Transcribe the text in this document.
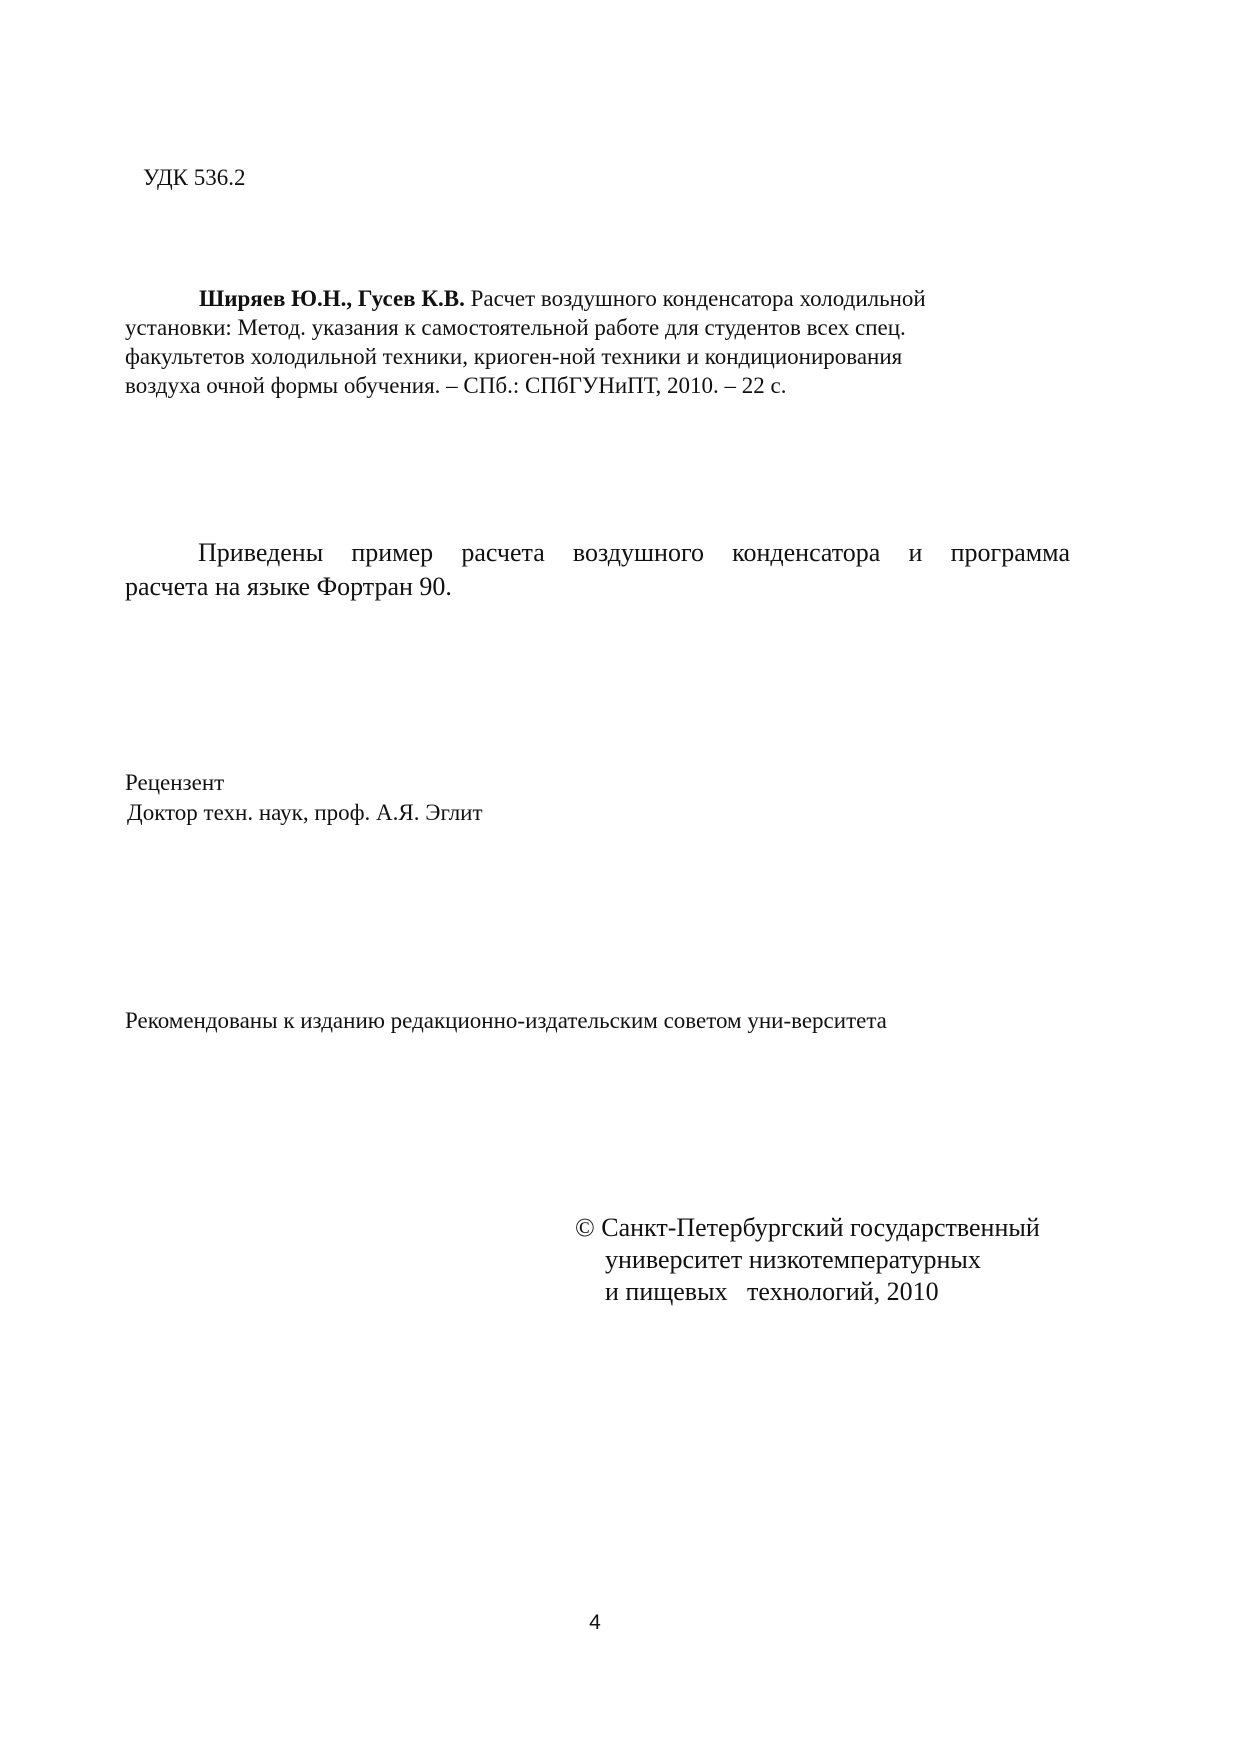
УДК 536.2
Ширяев Ю.Н., Гусев К.В. Расчет воздушного конденсатора холодильной
установки: Метод. указания к самостоятельной работе для студентов всех спец.
факультетов холодильной техники, криоген-ной техники и кондиционирования
воздуха очной формы обучения. – СПб.: СПбГУНиПТ, 2010. – 22 с.
Приведены пример расчета воздушного конденсатора и программа
расчета на языке Фортран 90.
Рецензент
Доктор техн. наук, проф. А.Я. Эглит
Рекомендованы к изданию редакционно-издательским советом уни-верситета
© Санкт-Петербургский государственный
университет низкотемпературных
и пищевых   технологий, 2010
4
